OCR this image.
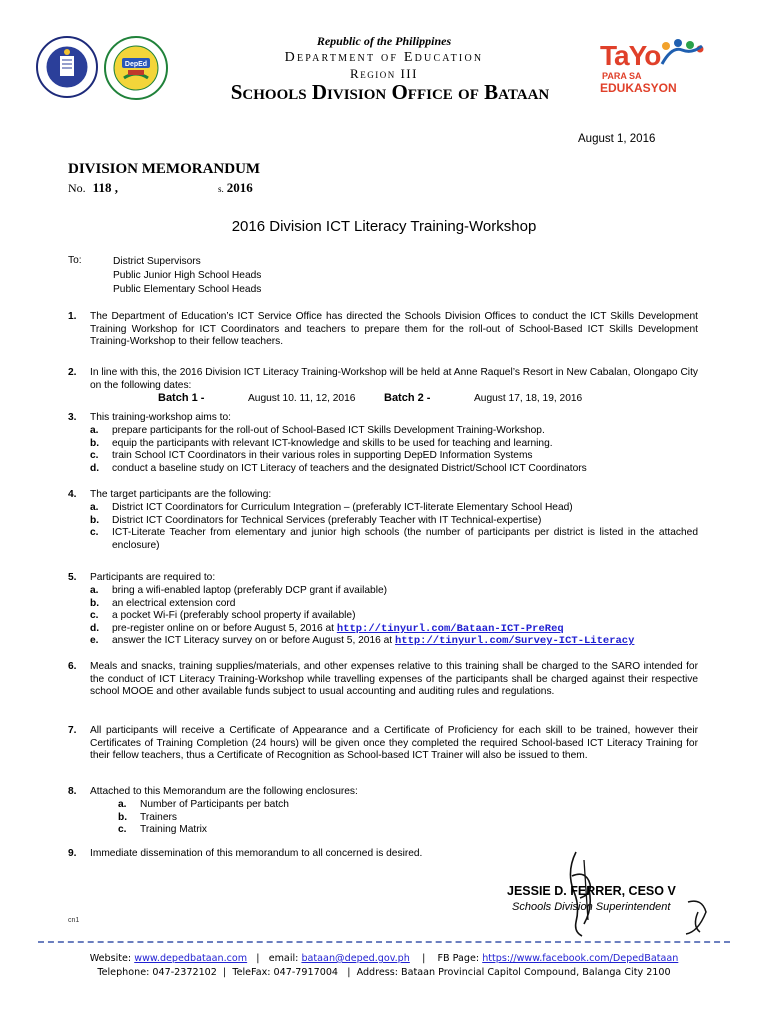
DepEd
Republic of the Philippines
Department of Education
Region III
Schools Division Office of Bataan
TaYo
PARA SA
EDUKASYON
August 1, 2016
DIVISION MEMORANDUM
No. 118 ,	s. 2016
2016 Division ICT Literacy Training-Workshop
To:	District Supervisors
Public Junior High School Heads
Public Elementary School Heads
1. The Department of Education’s ICT Service Office has directed the Schools Division Offices to conduct the ICT Skills Development Training Workshop for ICT Coordinators and teachers to prepare them for the roll-out of School-Based ICT Skills Development Training-Workshop to their fellow teachers.
2. In line with this, the 2016 Division ICT Literacy Training-Workshop will be held at Anne Raquel’s Resort in New Cabalan, Olongapo City on the following dates:
Batch 1 -	August 10. 11, 12, 2016	Batch 2 -	August 17, 18, 19, 2016
3. This training-workshop aims to:
a. prepare participants for the roll-out of School-Based ICT Skills Development Training-Workshop.
b. equip the participants with relevant ICT-knowledge and skills to be used for teaching and learning.
c. train School ICT Coordinators in their various roles in supporting DepED Information Systems
d. conduct a baseline study on ICT Literacy of teachers and the designated District/School ICT Coordinators
4. The target participants are the following:
a. District ICT Coordinators for Curriculum Integration – (preferably ICT-literate Elementary School Head)
b. District ICT Coordinators for Technical Services (preferably Teacher with IT Technical-expertise)
c.	ICT-Literate Teacher from elementary and junior high schools (the number of participants per district is listed in the attached enclosure)
5. Participants are required to:
a. bring a wifi-enabled laptop (preferably DCP grant if available)
b. an electrical extension cord
c. a pocket Wi-Fi (preferably school property if available)
d. pre-register online on or before August 5, 2016 at http://tinyurl.com/Bataan-ICT-PreReq
e. answer the ICT Literacy survey on or before August 5, 2016 at http://tinyurl.com/Survey-ICT-Literacy
6. Meals and snacks, training supplies/materials, and other expenses relative to this training shall be charged to the SARO intended for the conduct of ICT Literacy Training-Workshop while travelling expenses of the participants shall be charged against their respective school MOOE and other available funds subject to usual accounting and auditing rules and regulations.
7. All participants will receive a Certificate of Appearance and a Certificate of Proficiency for each skill to be trained, however their Certificates of Training Completion (24 hours) will be given once they completed the required School-based ICT Literacy Training for their fellow teachers, thus a Certificate of Recognition as School-based ICT Trainer will also be issued to them.
8. Attached to this Memorandum are the following enclosures:
a. Number of Participants per batch
b. Trainers
c. Training Matrix
9. Immediate dissemination of this memorandum to all concerned is desired.
JESSIE D. FERRER, CESO V
Schools Division Superintendent
cn1
Website: www.depedbataan.com   |   email: bataan@deped.gov.ph    |    FB Page: https://www.facebook.com/DepedBataan
Telephone: 047-2372102  |  TeleFax: 047-7917004   |  Address: Bataan Provincial Capitol Compound, Balanga City 2100
